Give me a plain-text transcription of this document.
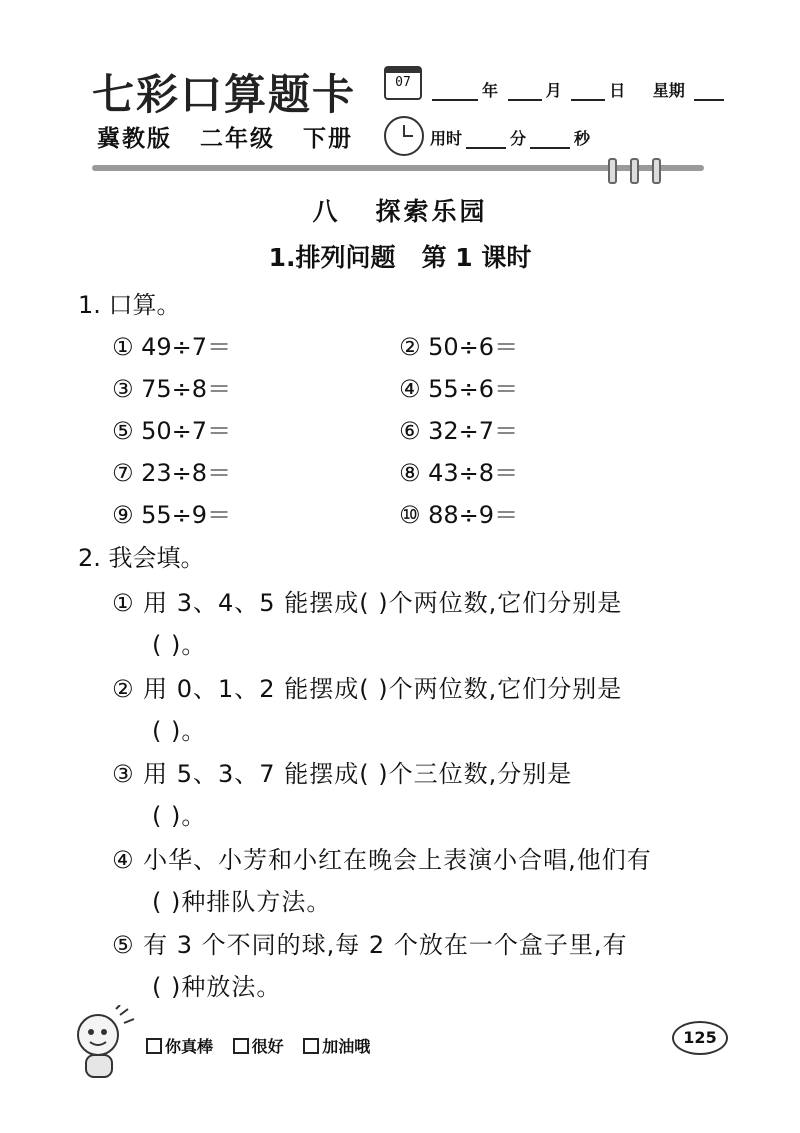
七彩口算题卡
冀教版 二年级 下册
07	年	月	日 星期
用时	分	秒
八   探索乐园
1.排列问题   第 1 课时
1. 口算。
① 49÷7＝	② 50÷6＝
③ 75÷8＝	④ 55÷6＝
⑤ 50÷7＝	⑥ 32÷7＝
⑦ 23÷8＝	⑧ 43÷8＝
⑨ 55÷9＝	⑩ 88÷9＝
2. 我会填。
① 用 3、4、5 能摆成( )个两位数,它们分别是
( )。
② 用 0、1、2 能摆成( )个两位数,它们分别是
( )。
③ 用 5、3、7 能摆成( )个三位数,分别是
( )。
④ 小华、小芳和小红在晚会上表演小合唱,他们有
( )种排队方法。
⑤ 有 3 个不同的球,每 2 个放在一个盒子里,有
( )种放法。
你真棒 很好 加油哦	125
